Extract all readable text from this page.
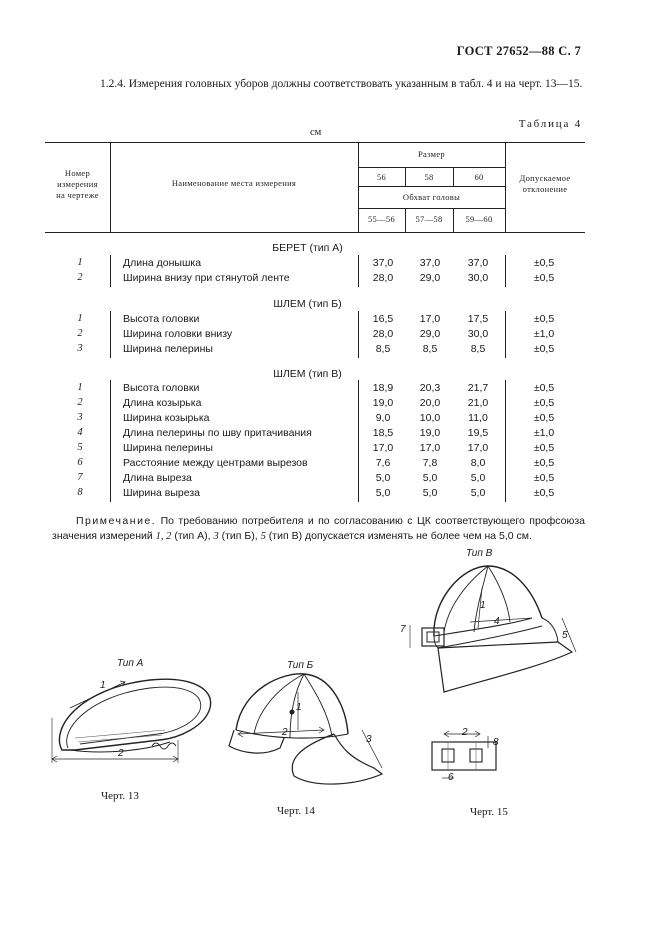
ГОСТ 27652—88 С. 7
1.2.4. Измерения головных уборов должны соответствовать указанным в табл. 4 и на черт. 13—15.
Таблица 4
см
Номер
измерения
на чертеже
Наименование места измерения
Размер
56	58	60
Обхват головы
55—56	57—58	59—60
Допускаемое
отклонение
БЕРЕТ (тип А)
ШЛЕМ (тип Б)
ШЛЕМ (тип В)
1	Длина донышка	37,0	37,0	37,0	±0,5
2	Ширина внизу при стянутой ленте	28,0	29,0	30,0	±0,5
1	Высота головки	16,5	17,0	17,5	±0,5
2	Ширина головки внизу	28,0	29,0	30,0	±1,0
3	Ширина пелерины	8,5	8,5	8,5	±0,5
1	Высота головки	18,9	20,3	21,7	±0,5
2	Длина козырька	19,0	20,0	21,0	±0,5
3	Ширина козырька	9,0	10,0	11,0	±0,5
4	Длина пелерины по шву притачивания	18,5	19,0	19,5	±1,0
5	Ширина пелерины	17,0	17,0	17,0	±0,5
6	Расстояние между центрами вырезов	7,6	7,8	8,0	±0,5
7	Длина выреза	5,0	5,0	5,0	±0,5
8	Ширина выреза	5,0	5,0	5,0	±0,5
Примечание. По требованию потребителя и по согласованию с ЦК соответствующего профсоюза значения измерений 1, 2 (тип А), 3 (тип Б), 5 (тип В) допускается изменять не более чем на 5,0 см.
Тип А
1
2
Черт. 13
Тип Б
1
2
3
Черт. 14
Тип В
1
4
5
7
2
6
8
Черт. 15
